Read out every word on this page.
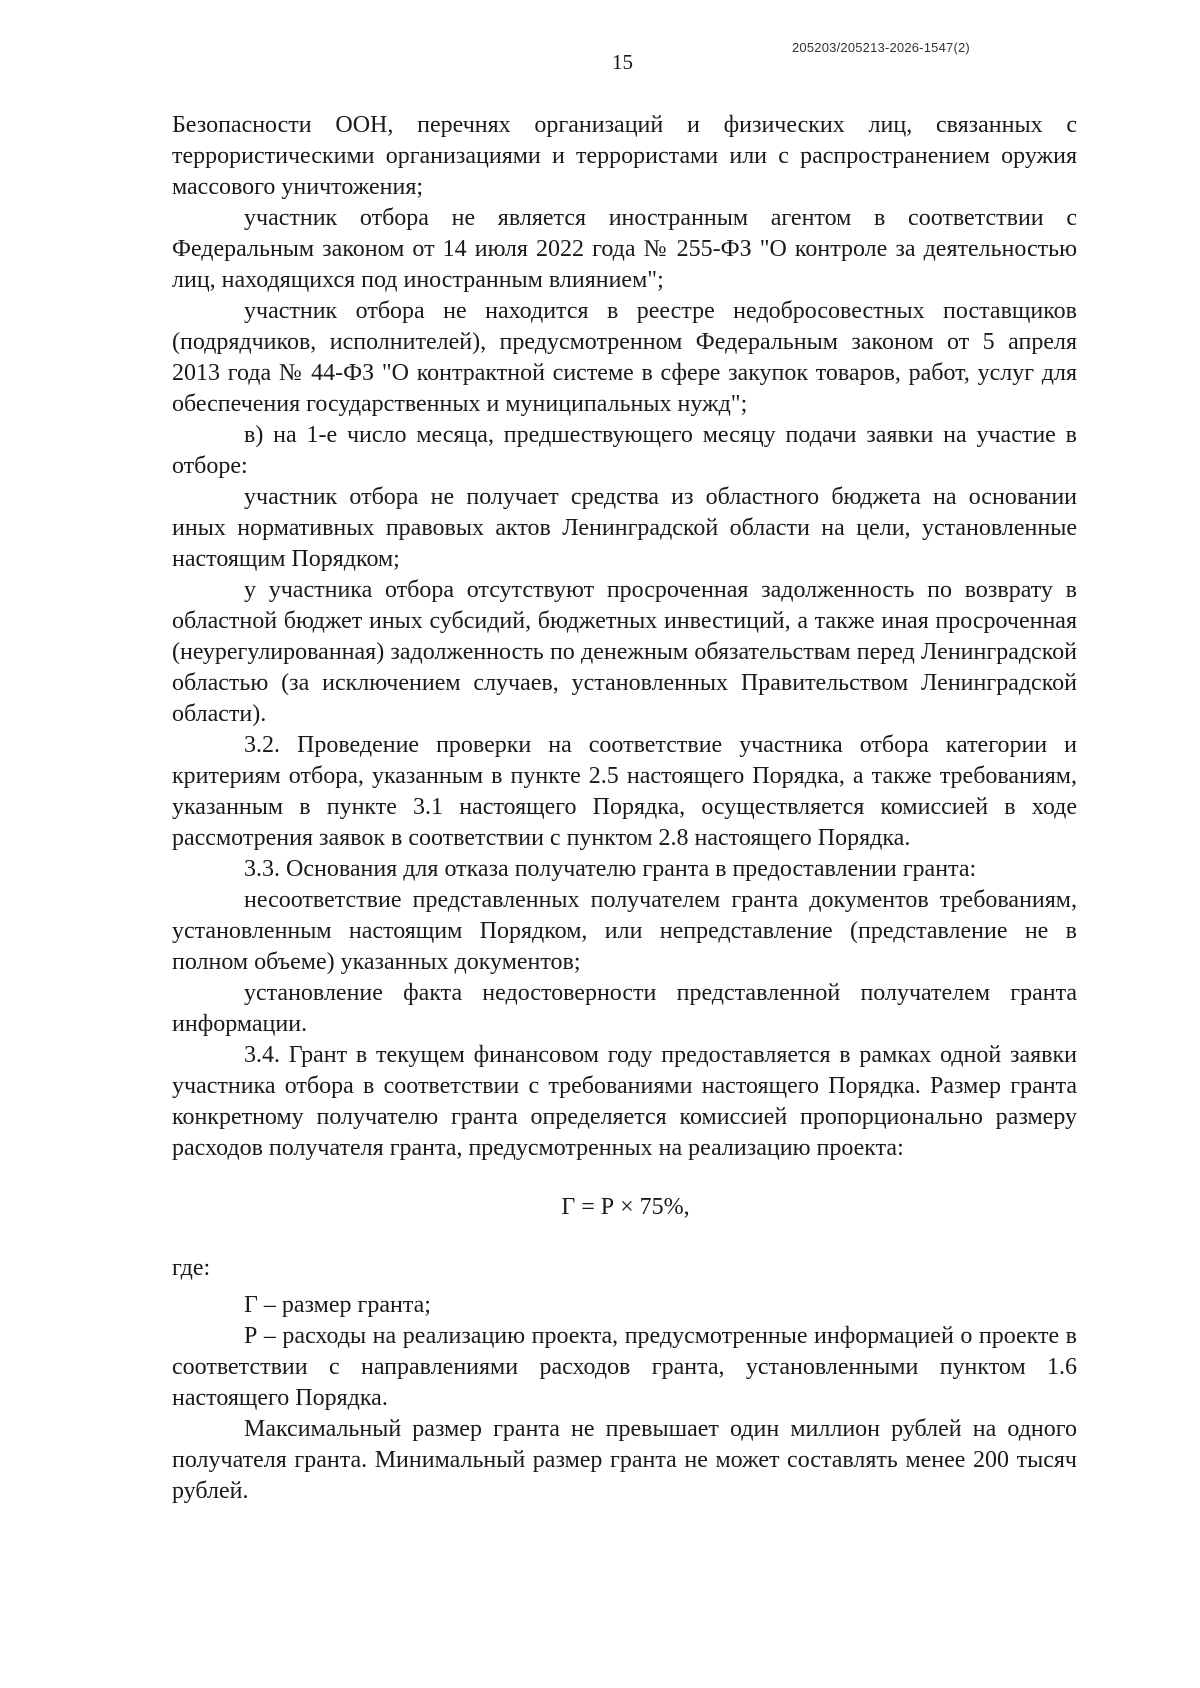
205203/205213-2026-1547(2)
15

Безопасности ООН, перечнях организаций и физических лиц, связанных с террористическими организациями и террористами или с распространением оружия массового уничтожения;

участник отбора не является иностранным агентом в соответствии с Федеральным законом от 14 июля 2022 года № 255-ФЗ "О контроле за деятельностью лиц, находящихся под иностранным влиянием";

участник отбора не находится в реестре недобросовестных поставщиков (подрядчиков, исполнителей), предусмотренном Федеральным законом от 5 апреля 2013 года № 44-ФЗ "О контрактной системе в сфере закупок товаров, работ, услуг для обеспечения государственных и муниципальных нужд";

в) на 1-е число месяца, предшествующего месяцу подачи заявки на участие в отборе:

участник отбора не получает средства из областного бюджета на основании иных нормативных правовых актов Ленинградской области на цели, установленные настоящим Порядком;

у участника отбора отсутствуют просроченная задолженность по возврату в областной бюджет иных субсидий, бюджетных инвестиций, а также иная просроченная (неурегулированная) задолженность по денежным обязательствам перед Ленинградской областью (за исключением случаев, установленных Правительством Ленинградской области).

3.2. Проведение проверки на соответствие участника отбора категории и критериям отбора, указанным в пункте 2.5 настоящего Порядка, а также требованиям, указанным в пункте 3.1 настоящего Порядка, осуществляется комиссией в ходе рассмотрения заявок в соответствии с пунктом 2.8 настоящего Порядка.

3.3. Основания для отказа получателю гранта в предоставлении гранта:

несоответствие представленных получателем гранта документов требованиям, установленным настоящим Порядком, или непредставление (представление не в полном объеме) указанных документов;

установление факта недостоверности представленной получателем гранта информации.

3.4. Грант в текущем финансовом году предоставляется в рамках одной заявки участника отбора в соответствии с требованиями настоящего Порядка. Размер гранта конкретному получателю гранта определяется комиссией пропорционально размеру расходов получателя гранта, предусмотренных на реализацию проекта:

Г = Р × 75%,

где:

Г – размер гранта;

Р – расходы на реализацию проекта, предусмотренные информацией о проекте в соответствии с направлениями расходов гранта, установленными пунктом 1.6 настоящего Порядка.

Максимальный размер гранта не превышает один миллион рублей на одного получателя гранта. Минимальный размер гранта не может составлять менее 200 тысяч рублей.
